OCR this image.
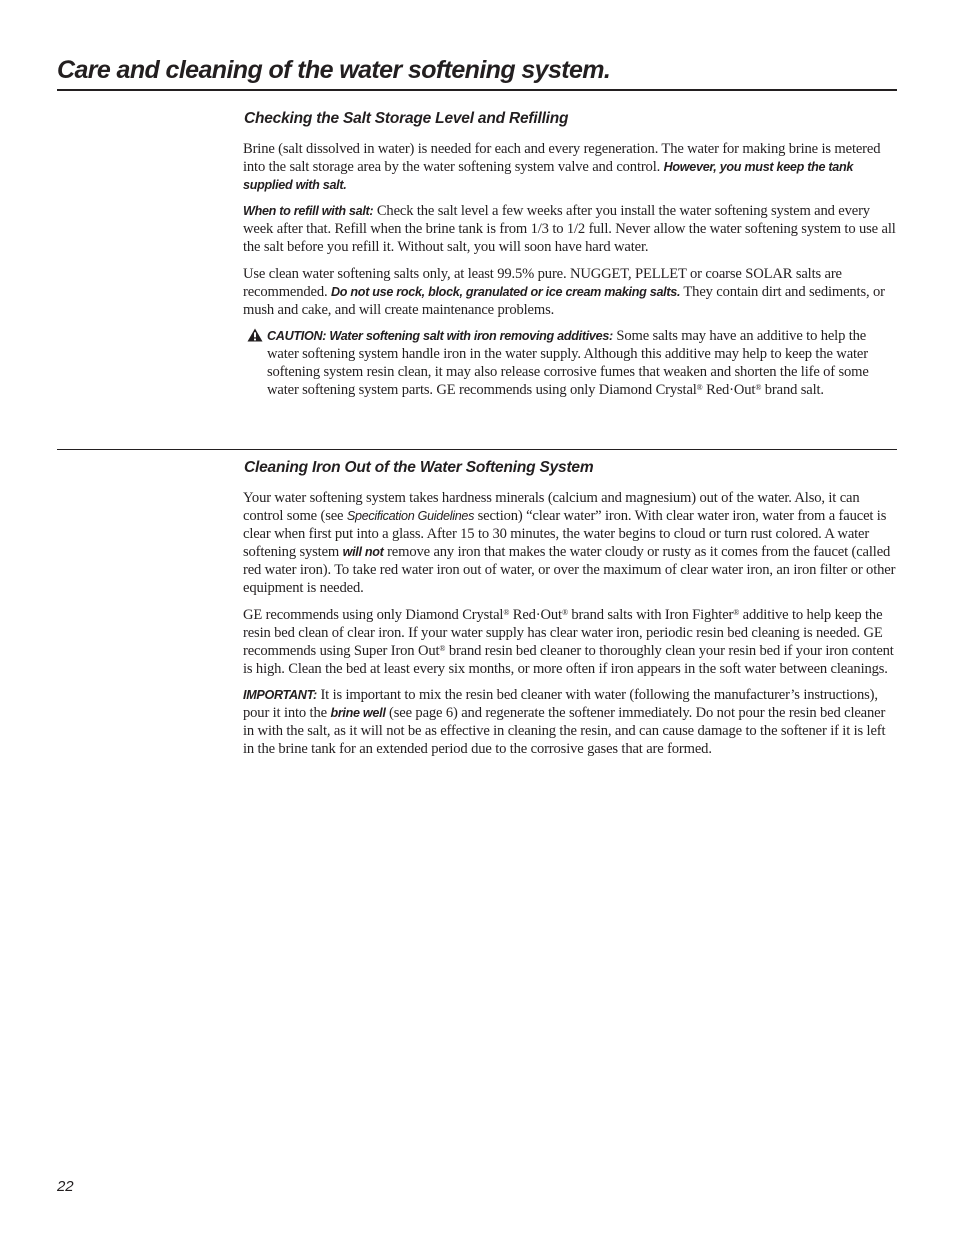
Care and cleaning of the water softening system.
Checking the Salt Storage Level and Refilling

Brine (salt dissolved in water) is needed for each and every regeneration. The water for making brine is metered into the salt storage area by the water softening system valve and control. However, you must keep the tank supplied with salt.

When to refill with salt: Check the salt level a few weeks after you install the water softening system and every week after that. Refill when the brine tank is from 1/3 to 1/2 full. Never allow the water softening system to use all the salt before you refill it. Without salt, you will soon have hard water.

Use clean water softening salts only, at least 99.5% pure. NUGGET, PELLET or coarse SOLAR salts are recommended. Do not use rock, block, granulated or ice cream making salts. They contain dirt and sediments, or mush and cake, and will create maintenance problems.

CAUTION: Water softening salt with iron removing additives: Some salts may have an additive to help the water softening system handle iron in the water supply. Although this additive may help to keep the water softening system resin clean, it may also release corrosive fumes that weaken and shorten the life of some water softening system parts. GE recommends using only Diamond Crystal® Red·Out® brand salt.

Cleaning Iron Out of the Water Softening System

Your water softening system takes hardness minerals (calcium and magnesium) out of the water. Also, it can control some (see Specification Guidelines section) “clear water” iron. With clear water iron, water from a faucet is clear when first put into a glass. After 15 to 30 minutes, the water begins to cloud or turn rust colored. A water softening system will not remove any iron that makes the water cloudy or rusty as it comes from the faucet (called red water iron). To take red water iron out of water, or over the maximum of clear water iron, an iron filter or other equipment is needed.

GE recommends using only Diamond Crystal® Red·Out® brand salts with Iron Fighter® additive to help keep the resin bed clean of clear iron. If your water supply has clear water iron, periodic resin bed cleaning is needed. GE recommends using Super Iron Out® brand resin bed cleaner to thoroughly clean your resin bed if your iron content is high. Clean the bed at least every six months, or more often if iron appears in the soft water between cleanings.

IMPORTANT: It is important to mix the resin bed cleaner with water (following the manufacturer’s instructions), pour it into the brine well (see page 6) and regenerate the softener immediately. Do not pour the resin bed cleaner in with the salt, as it will not be as effective in cleaning the resin, and can cause damage to the softener if it is left in the brine tank for an extended period due to the corrosive gases that are formed.

22
